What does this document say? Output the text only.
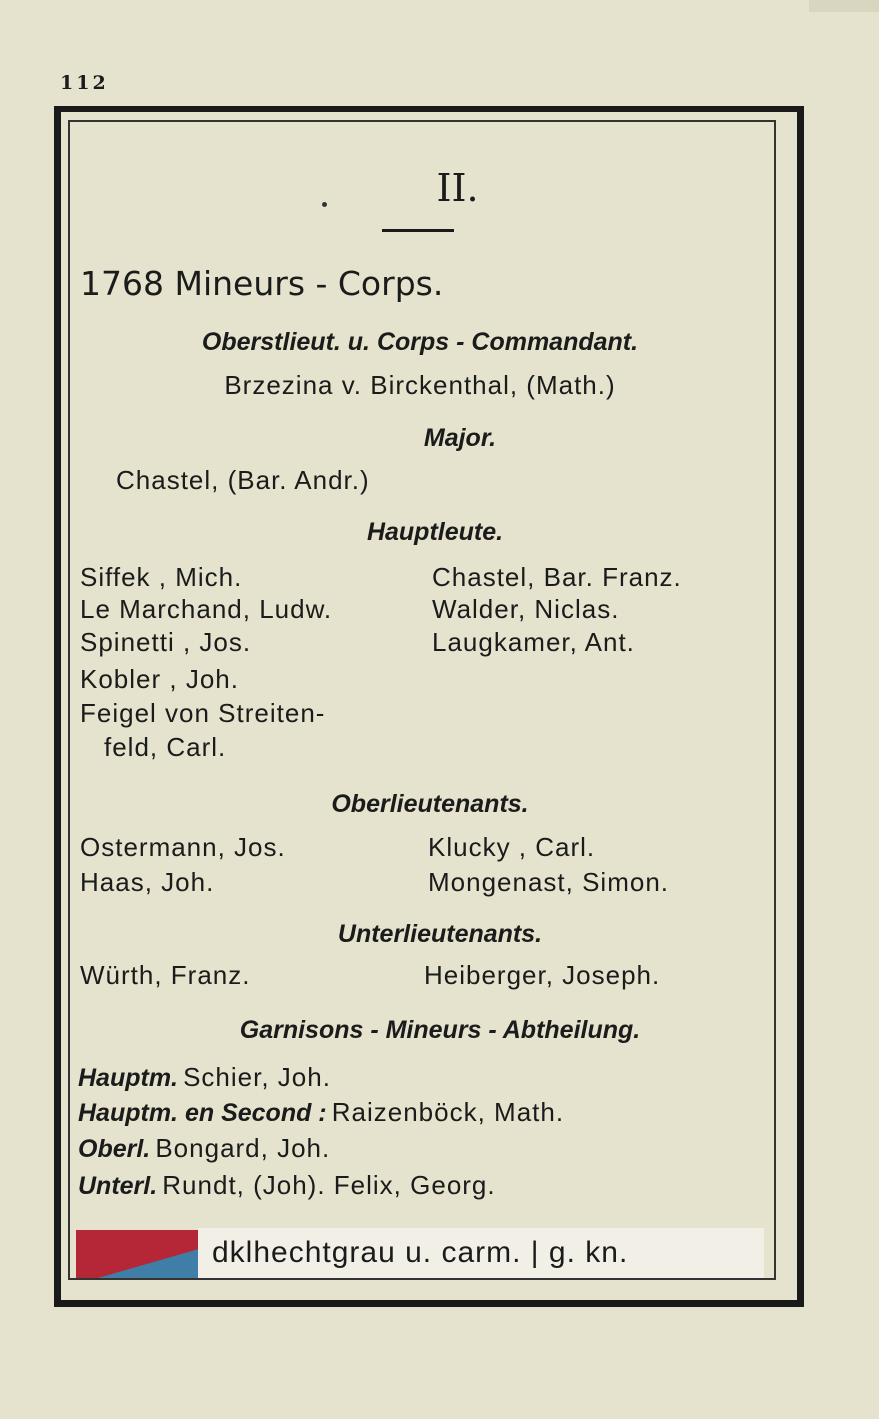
112
II.
1768 Mineurs - Corps.
Oberstlieut. u. Corps - Commandant.
Brzezina v. Birckenthal, (Math.)
Major.
Chastel, (Bar. Andr.)
Hauptleute.
Siffek , Mich.
Le Marchand, Ludw.
Spinetti , Jos.
Kobler , Joh.
Feigel von Streiten-
feld, Carl.
Chastel, Bar. Franz.
Walder, Niclas.
Laugkamer, Ant.
Oberlieutenants.
Ostermann, Jos.
Haas, Joh.
Klucky , Carl.
Mongenast, Simon.
Unterlieutenants.
Würth, Franz.	Heiberger, Joseph.
Garnisons - Mineurs - Abtheilung.
Hauptm. Schier, Joh.
Hauptm. en Second : Raizenböck, Math.
Oberl. Bongard, Joh.
Unterl. Rundt, (Joh). Felix, Georg.
dklhechtgrau u. carm. | g. kn.
